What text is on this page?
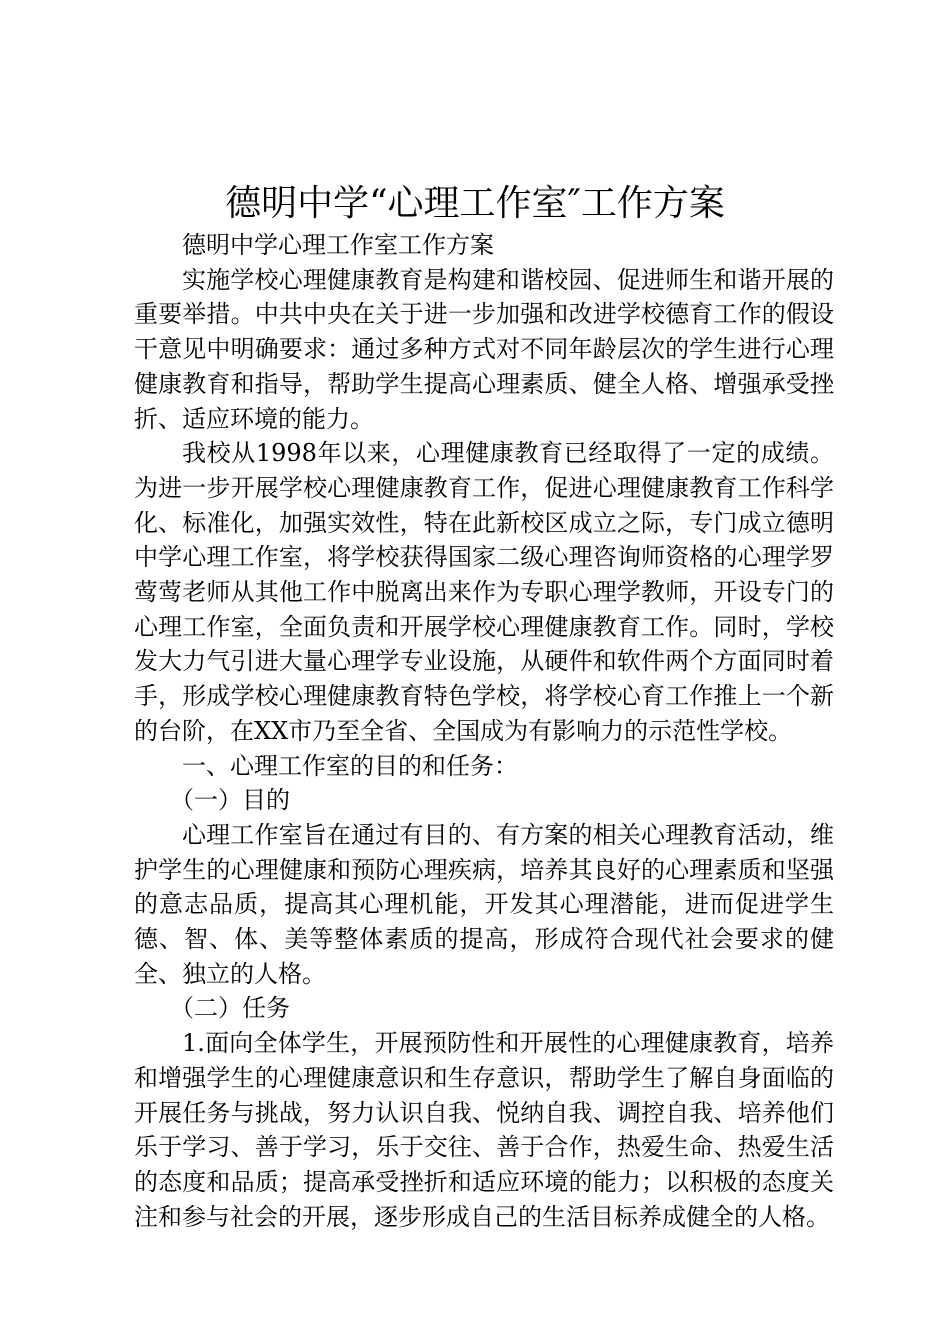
德明中学“心理工作室″工作方案

德明中学心理工作室工作方案

实施学校心理健康教育是构建和谐校园、促进师生和谐开展的重要举措。中共中央在关于进一步加强和改进学校德育工作的假设干意见中明确要求：通过多种方式对不同年龄层次的学生进行心理健康教育和指导，帮助学生提高心理素质、健全人格、增强承受挫折、适应环境的能力。

我校从1998年以来，心理健康教育已经取得了一定的成绩。为进一步开展学校心理健康教育工作，促进心理健康教育工作科学化、标准化，加强实效性，特在此新校区成立之际，专门成立德明中学心理工作室，将学校获得国家二级心理咨询师资格的心理学罗莺莺老师从其他工作中脱离出来作为专职心理学教师，开设专门的心理工作室，全面负责和开展学校心理健康教育工作。同时，学校发大力气引进大量心理学专业设施，从硬件和软件两个方面同时着手，形成学校心理健康教育特色学校，将学校心育工作推上一个新的台阶，在XX市乃至全省、全国成为有影响力的示范性学校。

一、心理工作室的目的和任务：

（一）目的

心理工作室旨在通过有目的、有方案的相关心理教育活动，维护学生的心理健康和预防心理疾病，培养其良好的心理素质和坚强的意志品质，提高其心理机能，开发其心理潜能，进而促进学生德、智、体、美等整体素质的提高，形成符合现代社会要求的健全、独立的人格。

（二）任务

1.面向全体学生，开展预防性和开展性的心理健康教育，培养和增强学生的心理健康意识和生存意识，帮助学生了解自身面临的开展任务与挑战，努力认识自我、悦纳自我、调控自我、培养他们乐于学习、善于学习，乐于交往、善于合作，热爱生命、热爱生活的态度和品质；提高承受挫折和适应环境的能力；以积极的态度关注和参与社会的开展，逐步形成自己的生活目标养成健全的人格。
